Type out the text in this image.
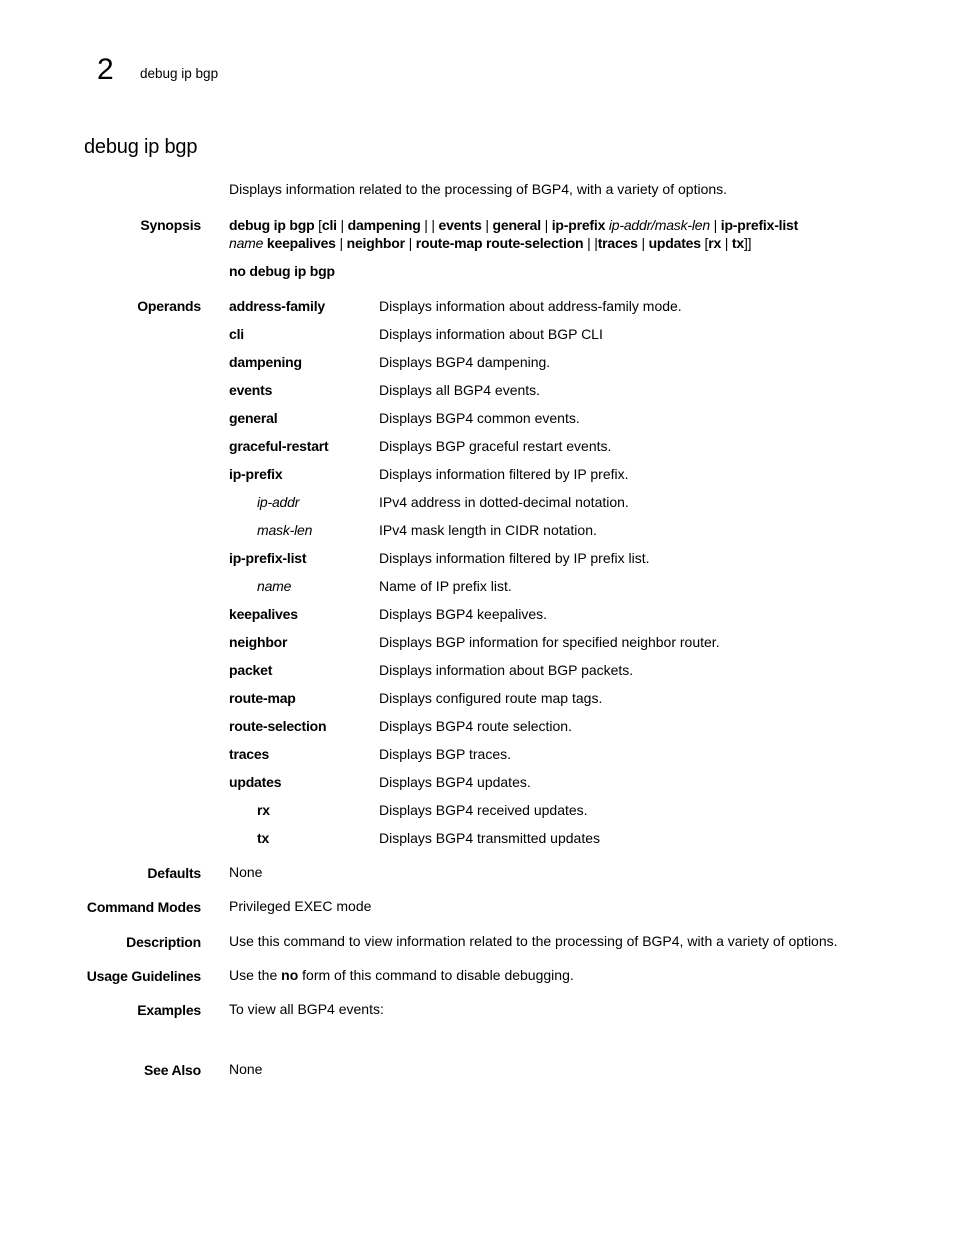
2 debug ip bgp
debug ip bgp
Displays information related to the processing of BGP4, with a variety of options.
Synopsis debug ip bgp [cli | dampening | | events | general | ip-prefix ip-addr/mask-len | ip-prefix-list
name keepalives | neighbor | route-map route-selection | |traces | updates [rx | tx]]
no debug ip bgp
Operands address-family	Displays information about address-family mode.
cli	Displays information about BGP CLI
dampening	Displays BGP4 dampening.
events	Displays all BGP4 events.
general	Displays BGP4 common events.
graceful-restart	Displays BGP graceful restart events.
ip-prefix	Displays information filtered by IP prefix.
ip-addr	IPv4 address in dotted-decimal notation.
mask-len	IPv4 mask length in CIDR notation.
ip-prefix-list	Displays information filtered by IP prefix list.
name	Name of IP prefix list.
keepalives	Displays BGP4 keepalives.
neighbor	Displays BGP information for specified neighbor router.
packet	Displays information about BGP packets.
route-map	Displays configured route map tags.
route-selection	Displays BGP4 route selection.
traces	Displays BGP traces.
updates	Displays BGP4 updates.
rx	Displays BGP4 received updates.
tx	Displays BGP4 transmitted updates
Defaults None
Command Modes Privileged EXEC mode
Description Use this command to view information related to the processing of BGP4, with a variety of options.
Usage Guidelines Use the no form of this command to disable debugging.
Examples To view all BGP4 events:
See Also None
